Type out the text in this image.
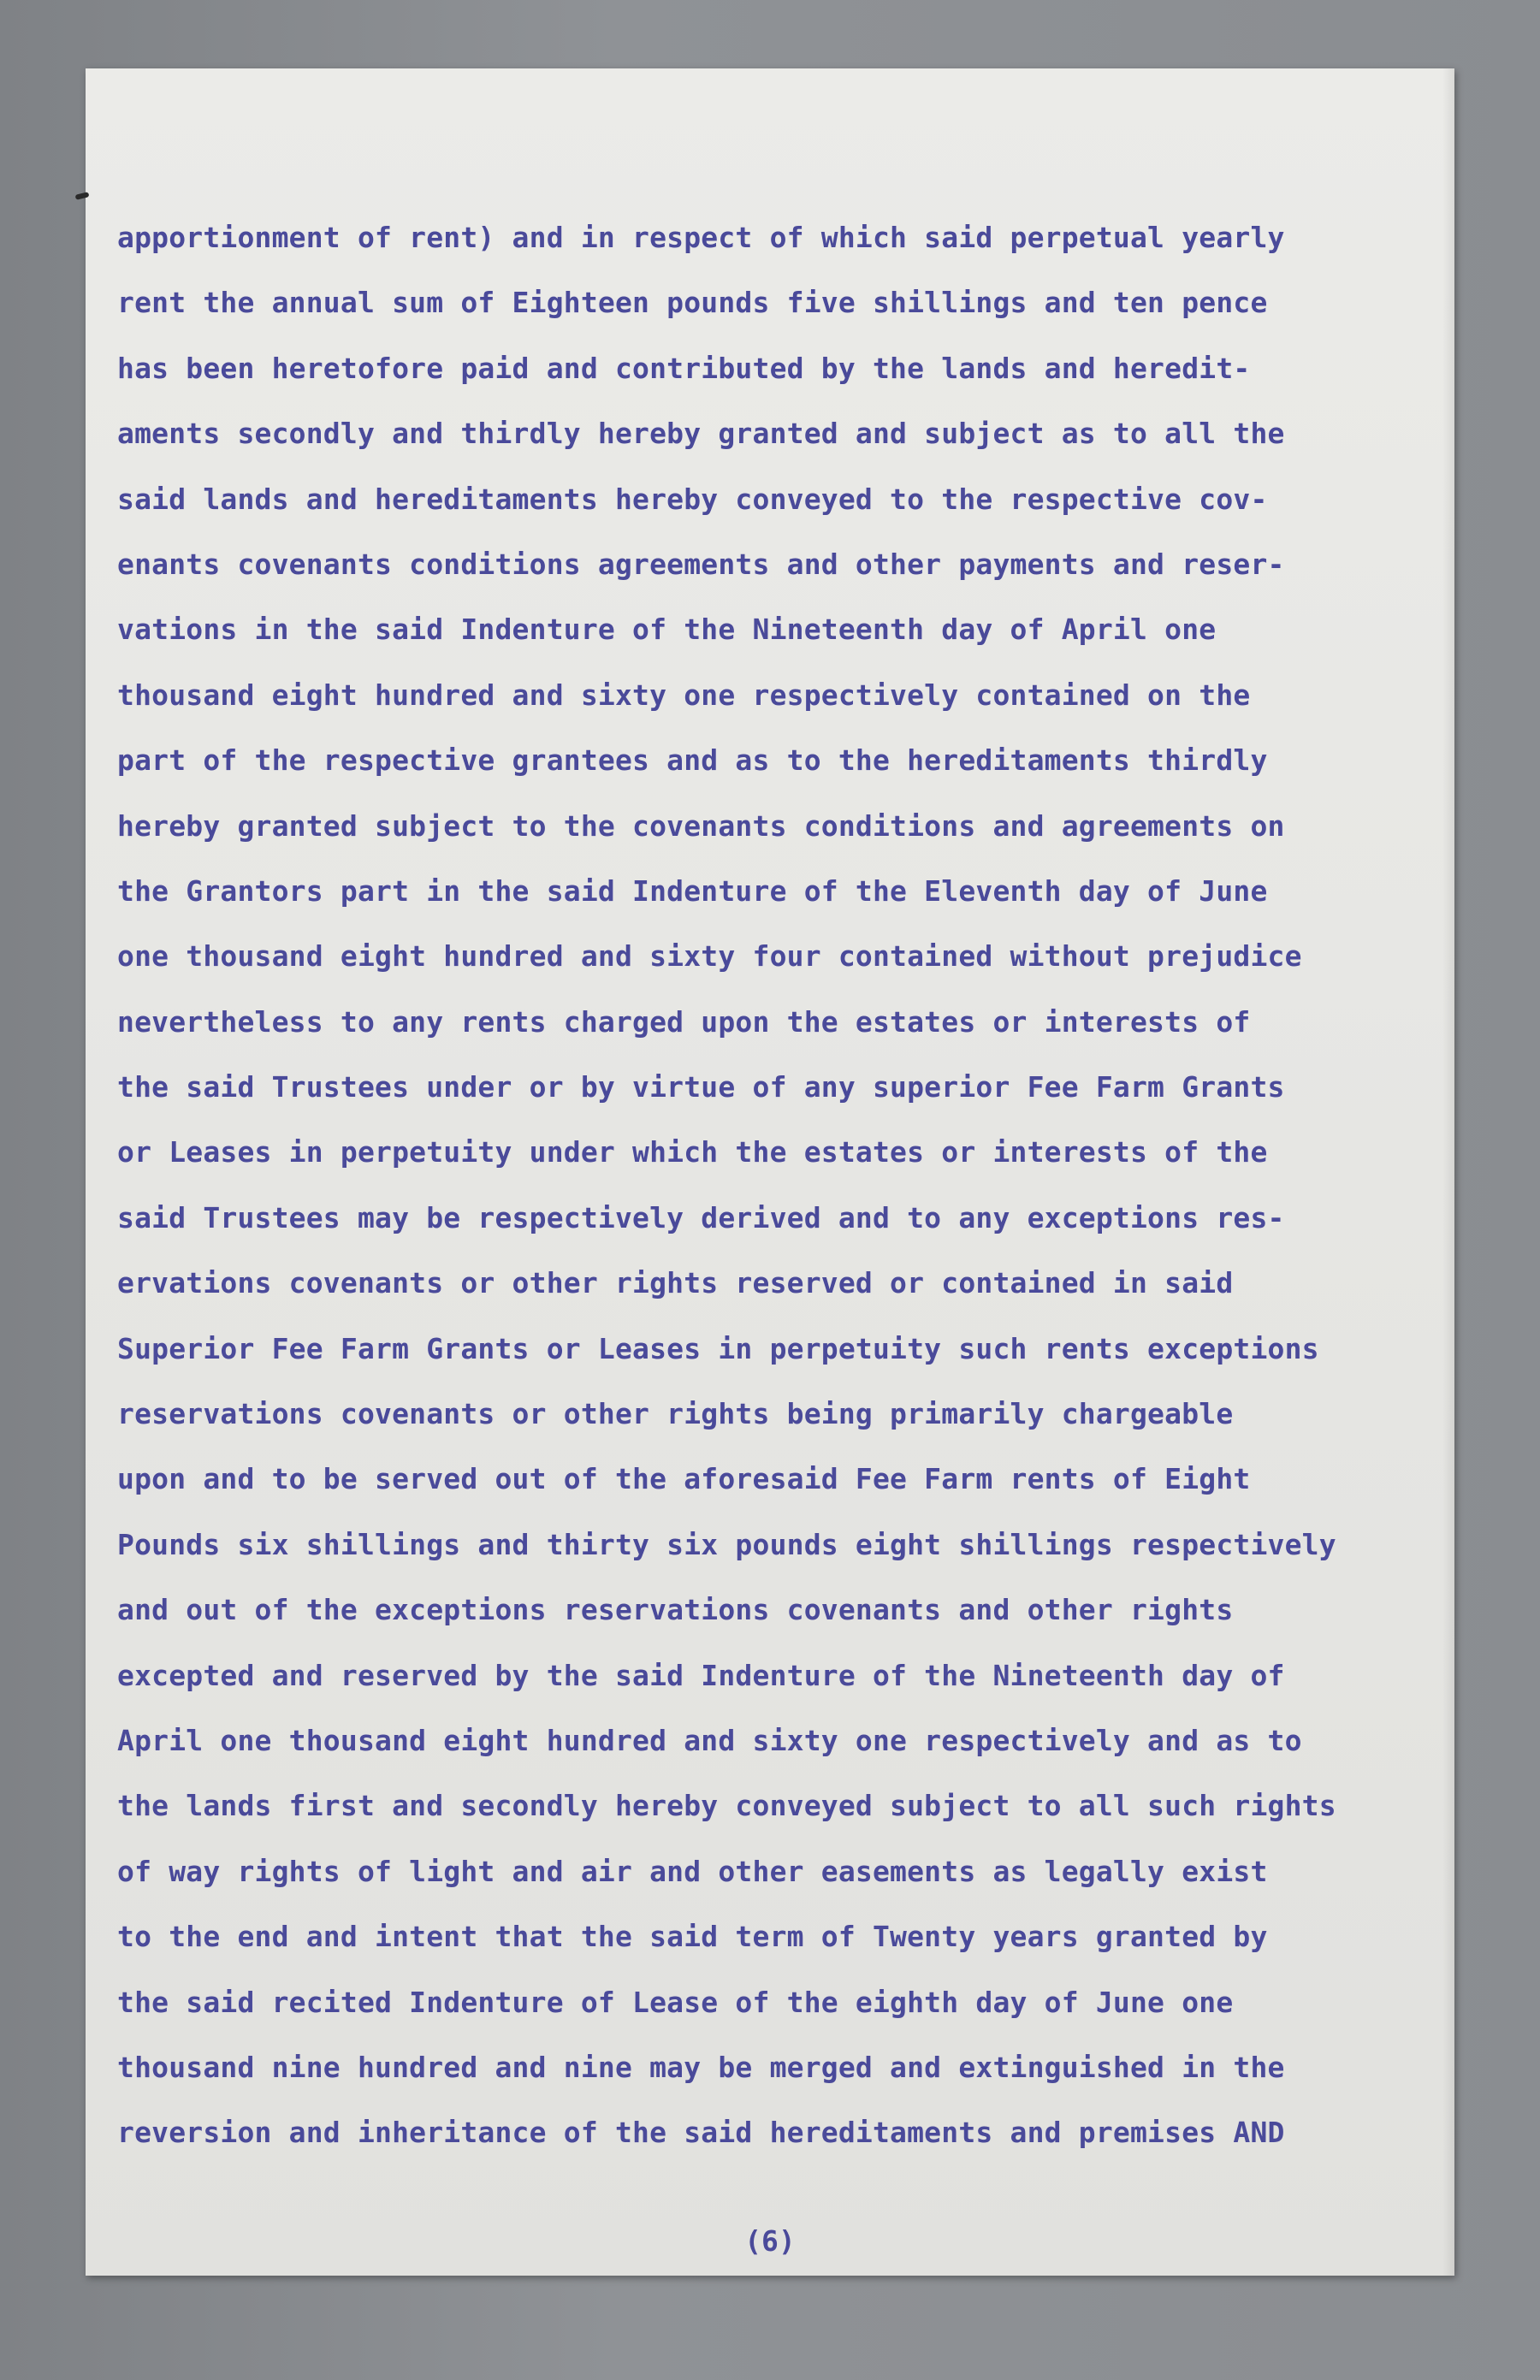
apportionment of rent) and in respect of which said perpetual yearly
rent the annual sum of Eighteen pounds five shillings and ten pence
has been heretofore paid and contributed by the lands and heredit-
aments secondly and thirdly hereby granted and subject as to all the
said lands and hereditaments hereby conveyed to the respective cov-
enants covenants conditions agreements and other payments and reser-
vations in the said Indenture of the Nineteenth day of April one
thousand eight hundred and sixty one respectively contained on the
part of the respective grantees and as to the hereditaments thirdly
hereby granted subject to the covenants conditions and agreements on
the Grantors part in the said Indenture of the Eleventh day of June
one thousand eight hundred and sixty four contained without prejudice
nevertheless to any rents charged upon the estates or interests of
the said Trustees under or by virtue of any superior Fee Farm Grants
or Leases in perpetuity under which the estates or interests of the
said Trustees may be respectively derived and to any exceptions res-
ervations covenants or other rights reserved or contained in said
Superior Fee Farm Grants or Leases in perpetuity such rents exceptions
reservations covenants or other rights being primarily chargeable
upon and to be served out of the aforesaid Fee Farm rents of Eight
Pounds six shillings and thirty six pounds eight shillings respectively
and out of the exceptions reservations covenants and other rights
excepted and reserved by the said Indenture of the Nineteenth day of
April one thousand eight hundred and sixty one respectively and as to
the lands first and secondly hereby conveyed subject to all such rights
of way rights of light and air and other easements as legally exist
to the end and intent that the said term of Twenty years granted by
the said recited Indenture of Lease of the eighth day of June one
thousand nine hundred and nine may be merged and extinguished in the
reversion and inheritance of the said hereditaments and premises AND

(6)
